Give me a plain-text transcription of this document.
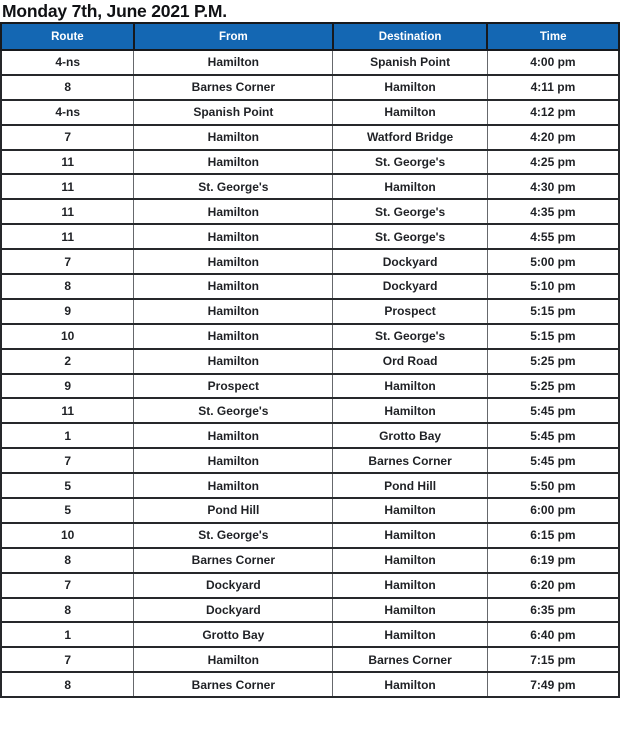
Monday 7th, June 2021 P.M.
Route	From	Destination	Time
4-ns	Hamilton	Spanish Point	4:00 pm
8	Barnes Corner	Hamilton	4:11 pm
4-ns	Spanish Point	Hamilton	4:12 pm
7	Hamilton	Watford Bridge	4:20 pm
11	Hamilton	St. George's	4:25 pm
11	St. George's	Hamilton	4:30 pm
11	Hamilton	St. George's	4:35 pm
11	Hamilton	St. George's	4:55 pm
7	Hamilton	Dockyard	5:00 pm
8	Hamilton	Dockyard	5:10 pm
9	Hamilton	Prospect	5:15 pm
10	Hamilton	St. George's	5:15 pm
2	Hamilton	Ord Road	5:25 pm
9	Prospect	Hamilton	5:25 pm
11	St. George's	Hamilton	5:45 pm
1	Hamilton	Grotto Bay	5:45 pm
7	Hamilton	Barnes Corner	5:45 pm
5	Hamilton	Pond Hill	5:50 pm
5	Pond Hill	Hamilton	6:00 pm
10	St. George's	Hamilton	6:15 pm
8	Barnes Corner	Hamilton	6:19 pm
7	Dockyard	Hamilton	6:20 pm
8	Dockyard	Hamilton	6:35 pm
1	Grotto Bay	Hamilton	6:40 pm
7	Hamilton	Barnes Corner	7:15 pm
8	Barnes Corner	Hamilton	7:49 pm
